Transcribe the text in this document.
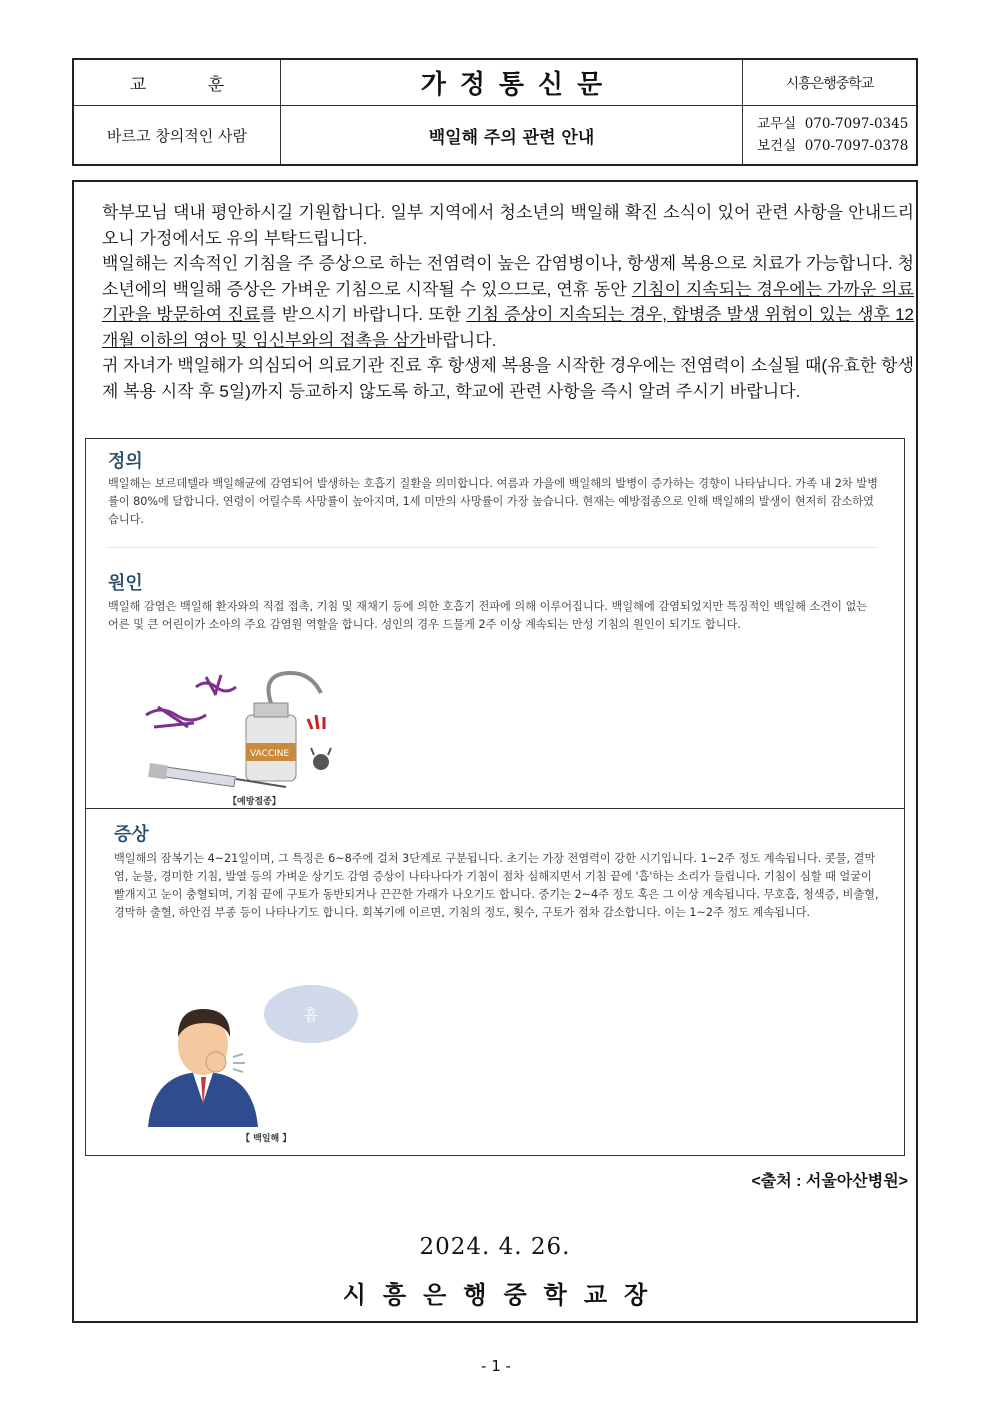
교 훈	가정통신문	시흥은행중학교
바르고 창의적인 사람	백일해 주의 관련 안내
교무실 070-7097-0345
보건실 070-7097-0378

학부모님 댁내 평안하시길 기원합니다. 일부 지역에서 청소년의 백일해 확진 소식이 있어 관련 사항을 안내드리오니 가정에서도 유의 부탁드립니다.

백일해는 지속적인 기침을 주 증상으로 하는 전염력이 높은 감염병이나, 항생제 복용으로 치료가 가능합니다. 청소년에의 백일해 증상은 가벼운 기침으로 시작될 수 있으므로, 연휴 동안 기침이 지속되는 경우에는 가까운 의료기관을 방문하여 진료를 받으시기 바랍니다. 또한 기침 증상이 지속되는 경우, 합병증 발생 위험이 있는 생후 12개월 이하의 영아 및 임신부와의 접촉을 삼가바랍니다.

귀 자녀가 백일해가 의심되어 의료기관 진료 후 항생제 복용을 시작한 경우에는 전염력이 소실될 때(유효한 항생제 복용 시작 후 5일)까지 등교하지 않도록 하고, 학교에 관련 사항을 즉시 알려 주시기 바랍니다.

정의
백일해는 보르데텔라 백일해균에 감염되어 발생하는 호흡기 질환을 의미합니다. 여름과 가을에 백일해의 발병이 증가하는 경향이 나타납니다. 가족 내 2차 발병률이 80%에 달합니다. 연령이 어릴수록 사망률이 높아지며, 1세 미만의 사망률이 가장 높습니다. 현재는 예방접종으로 인해 백일해의 발생이 현저히 감소하였습니다.
원인
백일해 감염은 백일해 환자와의 직접 접촉, 기침 및 재채기 등에 의한 호흡기 전파에 의해 이루어집니다. 백일해에 감염되었지만 특징적인 백일해 소견이 없는 어른 및 큰 어린이가 소아의 주요 감염원 역할을 합니다. 성인의 경우 드물게 2주 이상 계속되는 만성 기침의 원인이 되기도 합니다.
VACCINE
【예방접종】
증상
백일해의 잠복기는 4~21일이며, 그 특징은 6~8주에 걸쳐 3단계로 구분됩니다. 초기는 가장 전염력이 강한 시기입니다. 1~2주 정도 계속됩니다. 콧물, 결막염, 눈물, 경미한 기침, 발열 등의 가벼운 상기도 감염 증상이 나타나다가 기침이 점차 심해지면서 기침 끝에 '흡'하는 소리가 들립니다. 기침이 심할 때 얼굴이 빨개지고 눈이 충혈되며, 기침 끝에 구토가 동반되거나 끈끈한 가래가 나오기도 합니다. 중기는 2~4주 정도 혹은 그 이상 계속됩니다. 무호흡, 청색증, 비출혈, 경막하 출혈, 하안검 부종 등이 나타나기도 합니다. 회복기에 이르면, 기침의 정도, 횟수, 구토가 점차 감소합니다. 이는 1~2주 정도 계속됩니다.
흡
【 백일해 】
<출처 : 서울아산병원>
2024. 4. 26.
시흥은행중학교장
- 1 -
